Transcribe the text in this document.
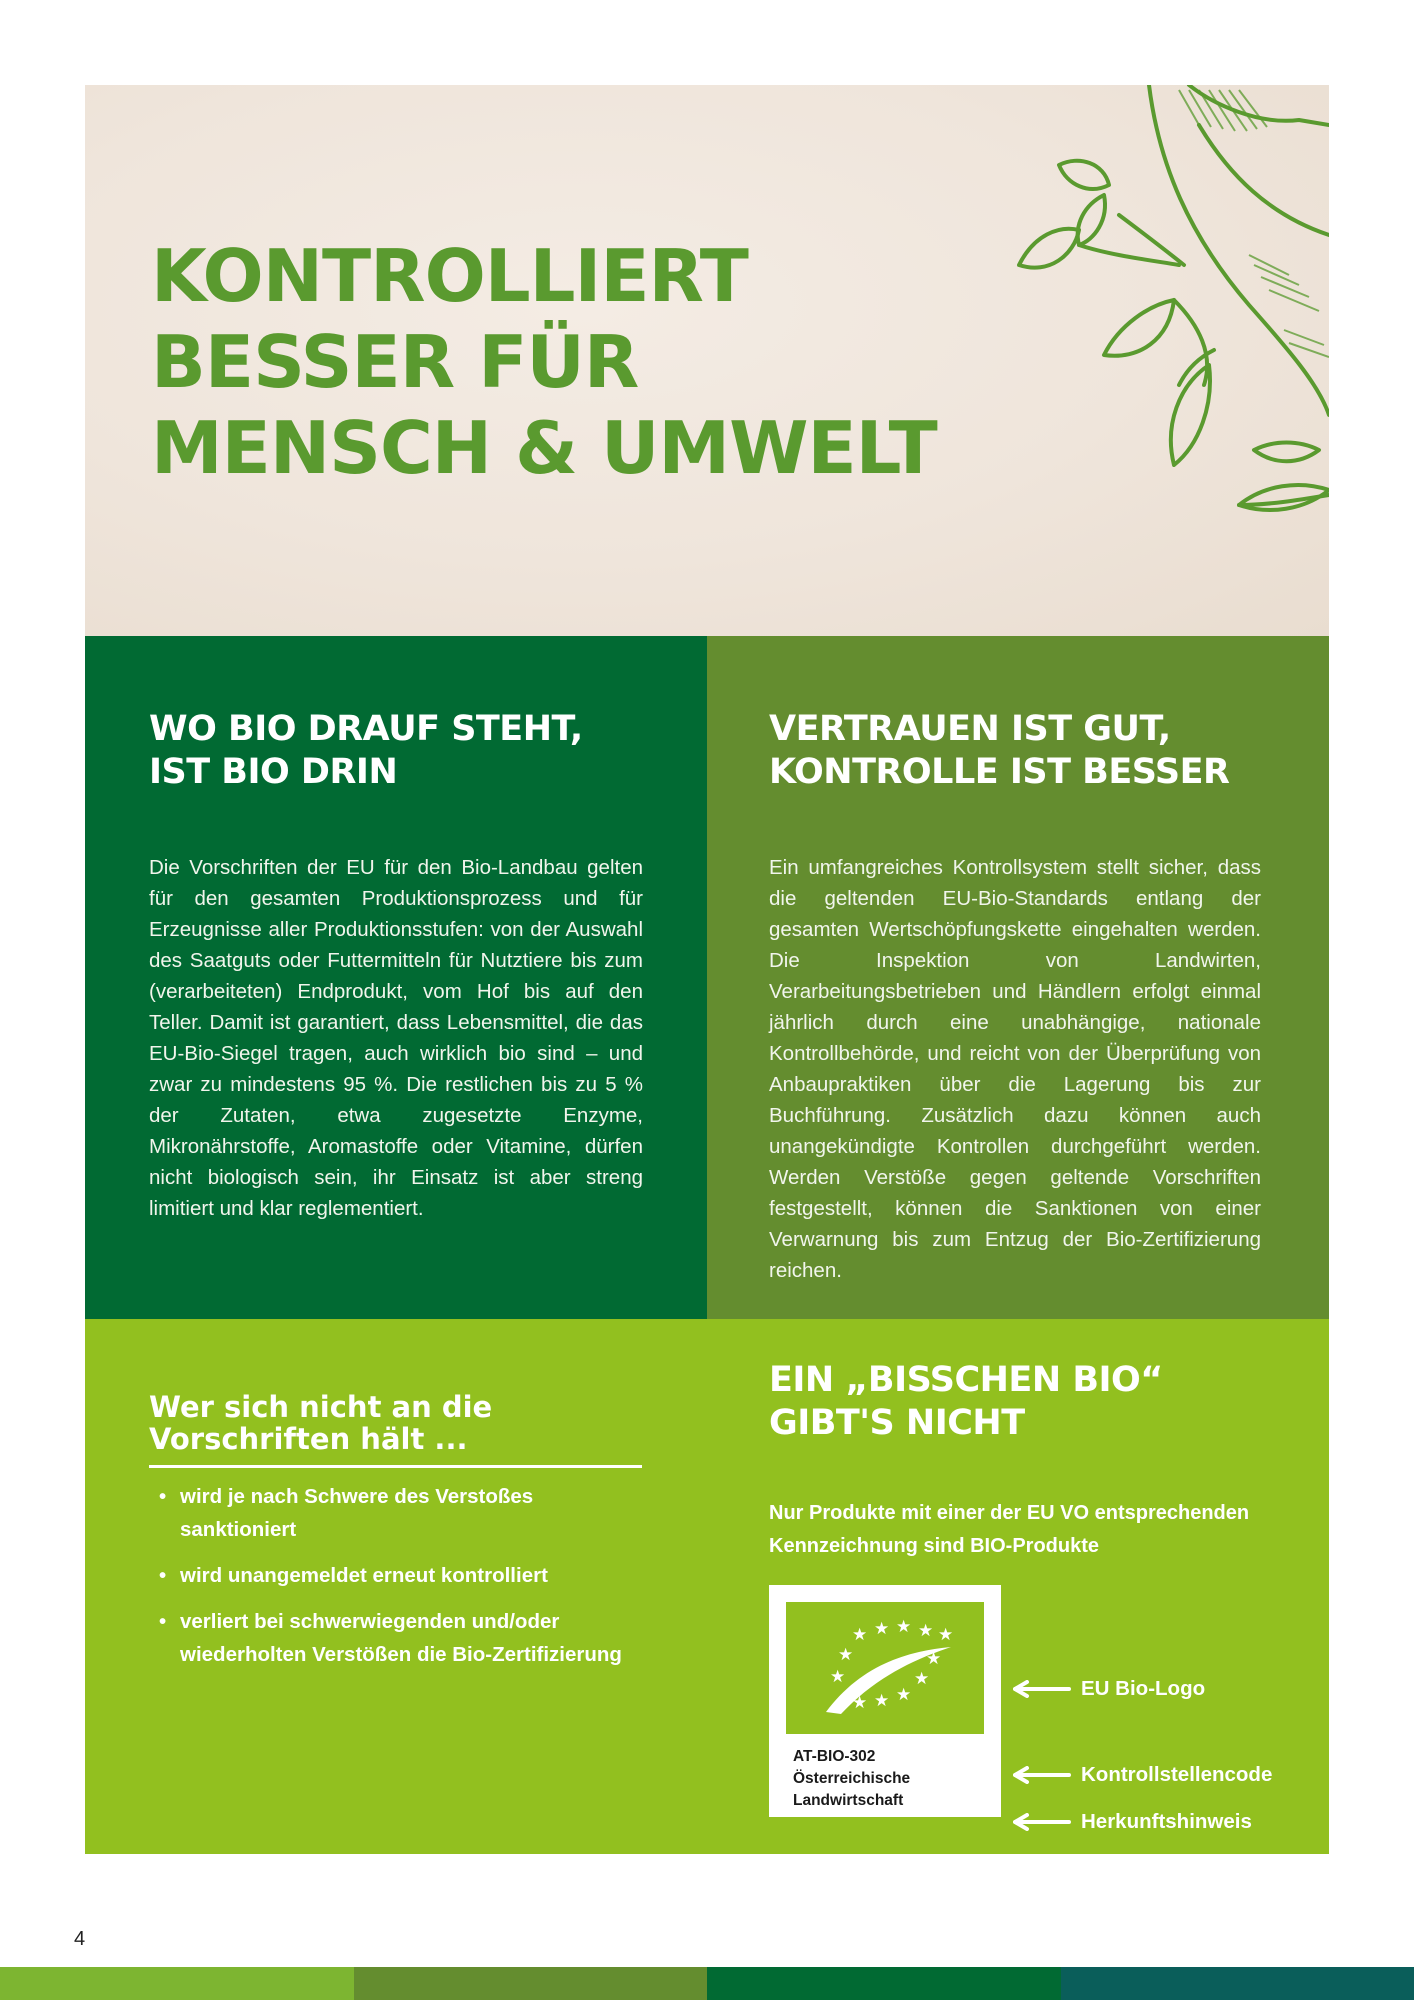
KONTROLLIERT
BESSER FÜR
MENSCH & UMWELT
WO BIO DRAUF STEHT,
IST BIO DRIN

Die Vorschriften der EU für den Bio-Landbau gelten für den gesamten Produktionsprozess und für Erzeugnisse aller Produktionsstufen: von der Auswahl des Saatguts oder Futtermitteln für Nutztiere bis zum (verarbeiteten) Endprodukt, vom Hof bis auf den Teller. Damit ist garantiert, dass Lebensmittel, die das EU-Bio-Siegel tragen, auch wirklich bio sind – und zwar zu mindestens 95 %. Die restlichen bis zu 5 % der Zutaten, etwa zugesetzte Enzyme, Mikronährstoffe, Aromastoffe oder Vitamine, dürfen nicht biologisch sein, ihr Einsatz ist aber streng limitiert und klar reglementiert.

VERTRAUEN IST GUT,
KONTROLLE IST BESSER

Ein umfangreiches Kontrollsystem stellt sicher, dass die geltenden EU-Bio-Standards entlang der gesamten Wertschöpfungskette eingehalten werden. Die Inspektion von Landwirten, Verarbeitungsbetrieben und Händlern erfolgt einmal jährlich durch eine unabhängige, nationale Kontrollbehörde, und reicht von der Überprüfung von Anbaupraktiken über die Lagerung bis zur Buchführung. Zusätzlich dazu können auch unangekündigte Kontrollen durchgeführt werden. Werden Verstöße gegen geltende Vorschriften festgestellt, können die Sanktionen von einer Verwarnung bis zum Entzug der Bio-Zertifizierung reichen.

Wer sich nicht an die
Vorschriften hält ...
• wird je nach Schwere des Verstoßes sanktioniert
• wird unangemeldet erneut kontrolliert
• verliert bei schwerwiegenden und/oder wiederholten Verstößen die Bio-Zertifizierung
EIN „BISSCHEN BIO“
GIBT'S NICHT

Nur Produkte mit einer der EU VO entsprechenden Kennzeichnung sind BIO-Produkte

★ ★ ★ ★ ★
★
★
★
★
★
★
★
AT-BIO-302
Österreichische
Landwirtschaft
EU Bio-Logo
Kontrollstellencode
Herkunftshinweis
4
